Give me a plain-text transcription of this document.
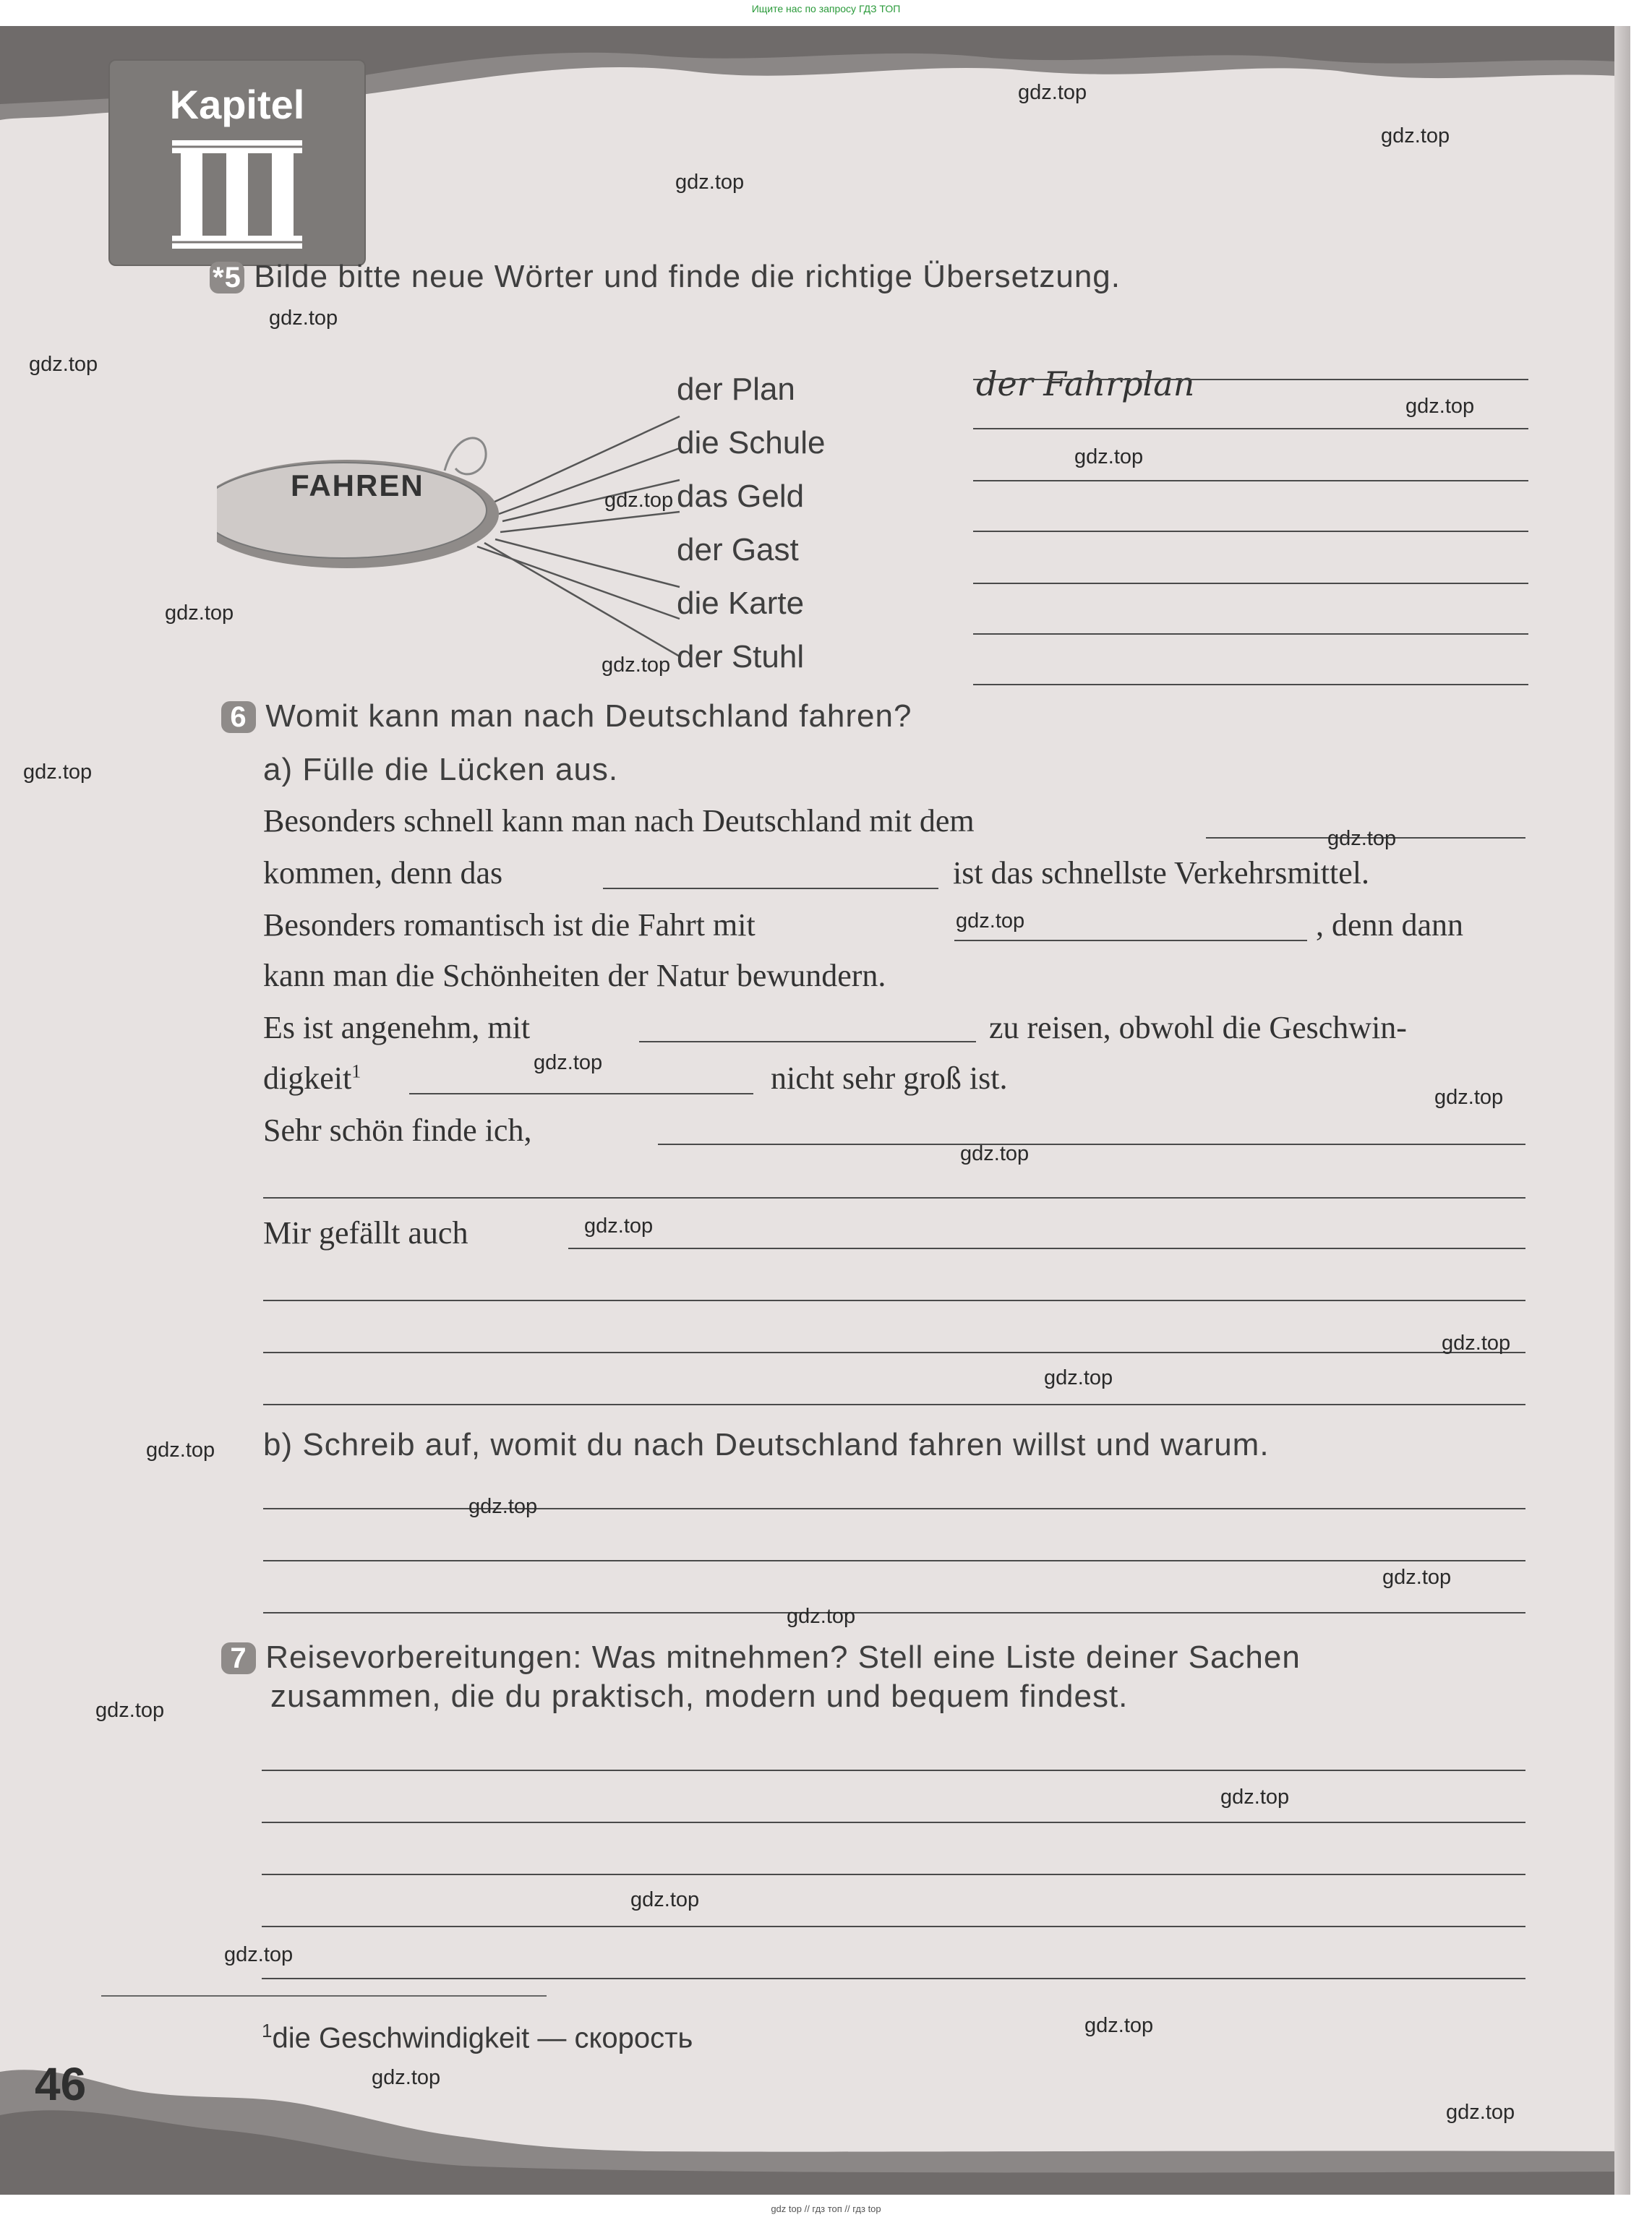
Ищите нас по запросу ГДЗ ТОП
Kapitel
*5 Bilde bitte neue Wörter und finde die richtige Übersetzung.
FAHREN
der Plan
die Schule
das Geld
der Gast
die Karte
der Stuhl
der Fahrplan
6 Womit kann man nach Deutschland fahren?
a) Fülle die Lücken aus.
Besonders schnell kann man nach Deutschland mit dem
kommen, denn das	ist das schnellste Verkehrsmittel.
Besonders romantisch ist die Fahrt mit	, denn dann
kann man die Schönheiten der Natur bewundern.
Es ist angenehm, mit	zu reisen, obwohl die Geschwin-
digkeit$^1$	nicht sehr groß ist.
Sehr schön finde ich,
Mir gefällt auch
b) Schreib auf, womit du nach Deutschland fahren willst und warum.
7 Reisevorbereitungen: Was mitnehmen? Stell eine Liste deiner Sachen
zusammen, die du praktisch, modern und bequem findest.
$^1$die Geschwindigkeit — скорость
46
gdz.top
gdz.top
gdz.top
gdz.top
gdz.top
gdz.top
gdz.top
gdz.top
gdz.top
gdz.top
gdz.top
gdz.top
gdz.top
gdz.top
gdz.top
gdz.top
gdz.top
gdz.top
gdz.top
gdz.top
gdz.top
gdz.top
gdz.top
gdz.top
gdz.top
gdz.top
gdz.top
gdz.top
gdz.top
gdz.top
gdz top // гдз топ // гдз top
